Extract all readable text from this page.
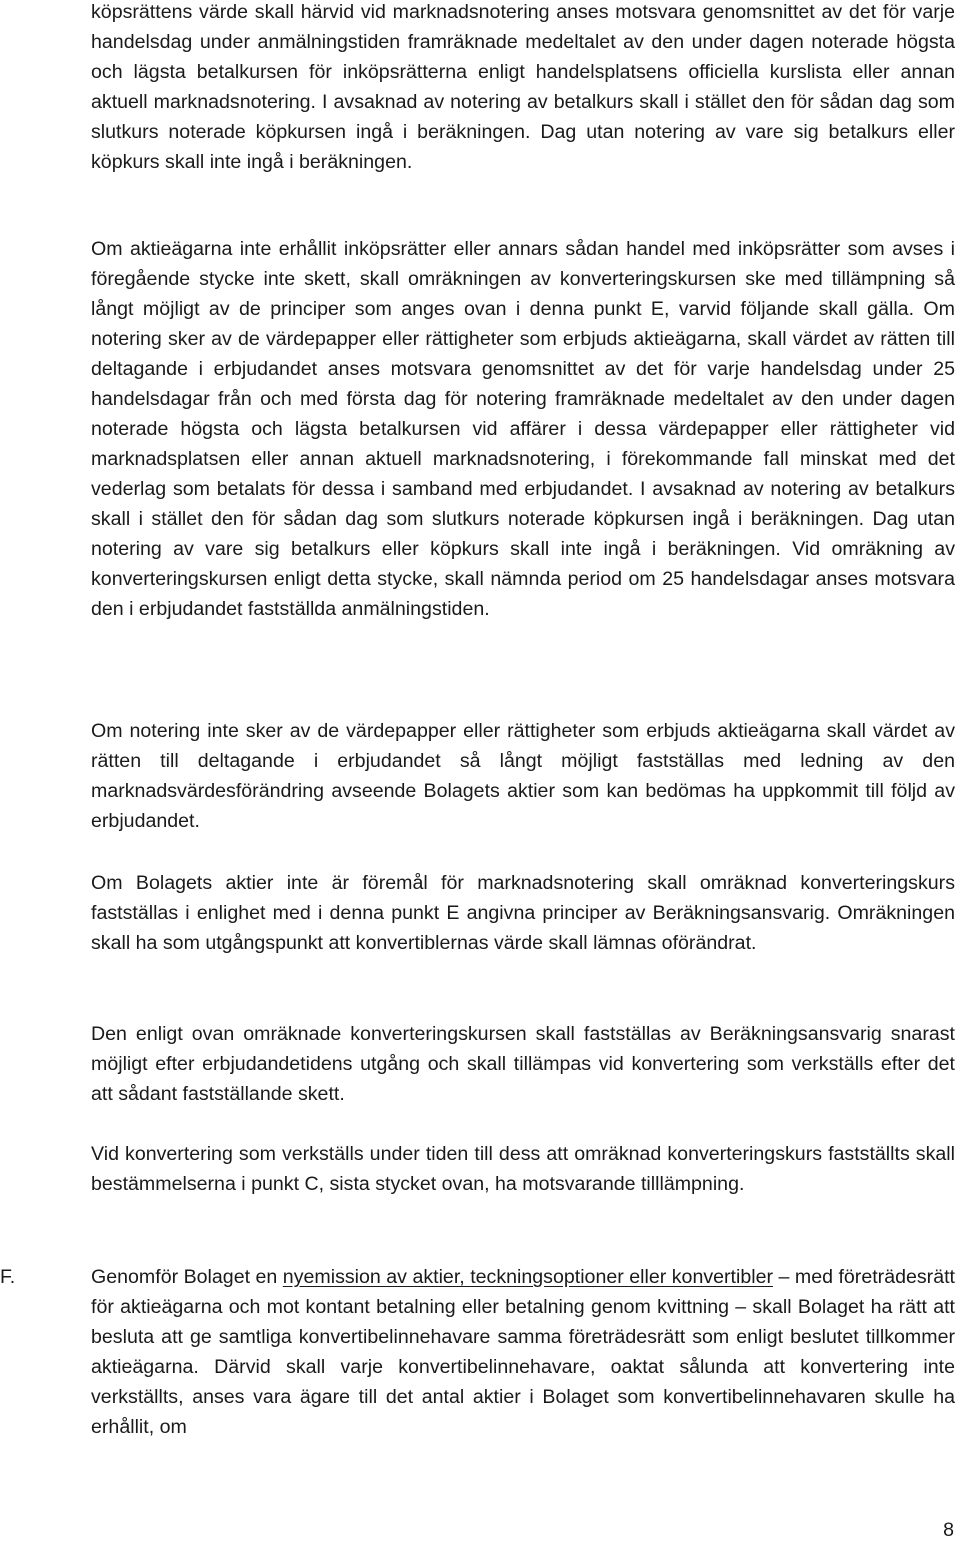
köpsrättens värde skall härvid vid marknadsnotering anses motsvara genomsnittet av det för varje handelsdag under anmälningstiden framräknade medeltalet av den under dagen noterade högsta och lägsta betalkursen för inköpsrätterna enligt handelsplatsens officiella kurslista eller annan aktuell marknadsnotering. I avsaknad av notering av betalkurs skall i stället den för sådan dag som slutkurs noterade köpkursen ingå i beräkningen. Dag utan notering av vare sig betalkurs eller köpkurs skall inte ingå i beräkningen.

Om aktieägarna inte erhållit inköpsrätter eller annars sådan handel med inköpsrätter som avses i föregående stycke inte skett, skall omräkningen av konverteringskursen ske med tillämpning så långt möjligt av de principer som anges ovan i denna punkt E, varvid följande skall gälla. Om notering sker av de värdepapper eller rättigheter som erbjuds aktieägarna, skall värdet av rätten till deltagande i erbjudandet anses motsvara genomsnittet av det för varje handelsdag under 25 handelsdagar från och med första dag för notering framräknade medeltalet av den under dagen noterade högsta och lägsta betalkursen vid affärer i dessa värdepapper eller rättigheter vid marknadsplatsen eller annan aktuell marknadsnotering, i förekommande fall minskat med det vederlag som betalats för dessa i samband med erbjudandet. I avsaknad av notering av betalkurs skall i stället den för sådan dag som slutkurs noterade köpkursen ingå i beräkningen. Dag utan notering av vare sig betalkurs eller köpkurs skall inte ingå i beräkningen. Vid omräkning av konverteringskursen enligt detta stycke, skall nämnda period om 25 handelsdagar anses motsvara den i erbjudandet fastställda anmälningstiden.

Om notering inte sker av de värdepapper eller rättigheter som erbjuds aktieägarna skall värdet av rätten till deltagande i erbjudandet så långt möjligt fastställas med ledning av den marknadsvärdesförändring avseende Bolagets aktier som kan bedömas ha uppkommit till följd av erbjudandet.

Om Bolagets aktier inte är föremål för marknadsnotering skall omräknad konverteringskurs fastställas i enlighet med i denna punkt E angivna principer av Beräkningsansvarig. Omräkningen skall ha som utgångspunkt att konvertiblernas värde skall lämnas oförändrat.

Den enligt ovan omräknade konverteringskursen skall fastställas av Beräkningsansvarig snarast möjligt efter erbjudandetidens utgång och skall tillämpas vid konvertering som verkställs efter det att sådant fastställande skett.

Vid konvertering som verkställs under tiden till dess att omräknad konverteringskurs fastställts skall bestämmelserna i punkt C, sista stycket ovan, ha motsvarande tilllämpning.

F.	Genomför Bolaget en nyemission av aktier, teckningsoptioner eller konvertibler – med företrädesrätt för aktieägarna och mot kontant betalning eller betalning genom kvittning – skall Bolaget ha rätt att besluta att ge samtliga konvertibelinnehavare samma företrädesrätt som enligt beslutet tillkommer aktieägarna. Därvid skall varje konvertibelinnehavare, oaktat sålunda att konvertering inte verkställts, anses vara ägare till det antal aktier i Bolaget som konvertibelinnehavaren skulle ha erhållit, om

8
